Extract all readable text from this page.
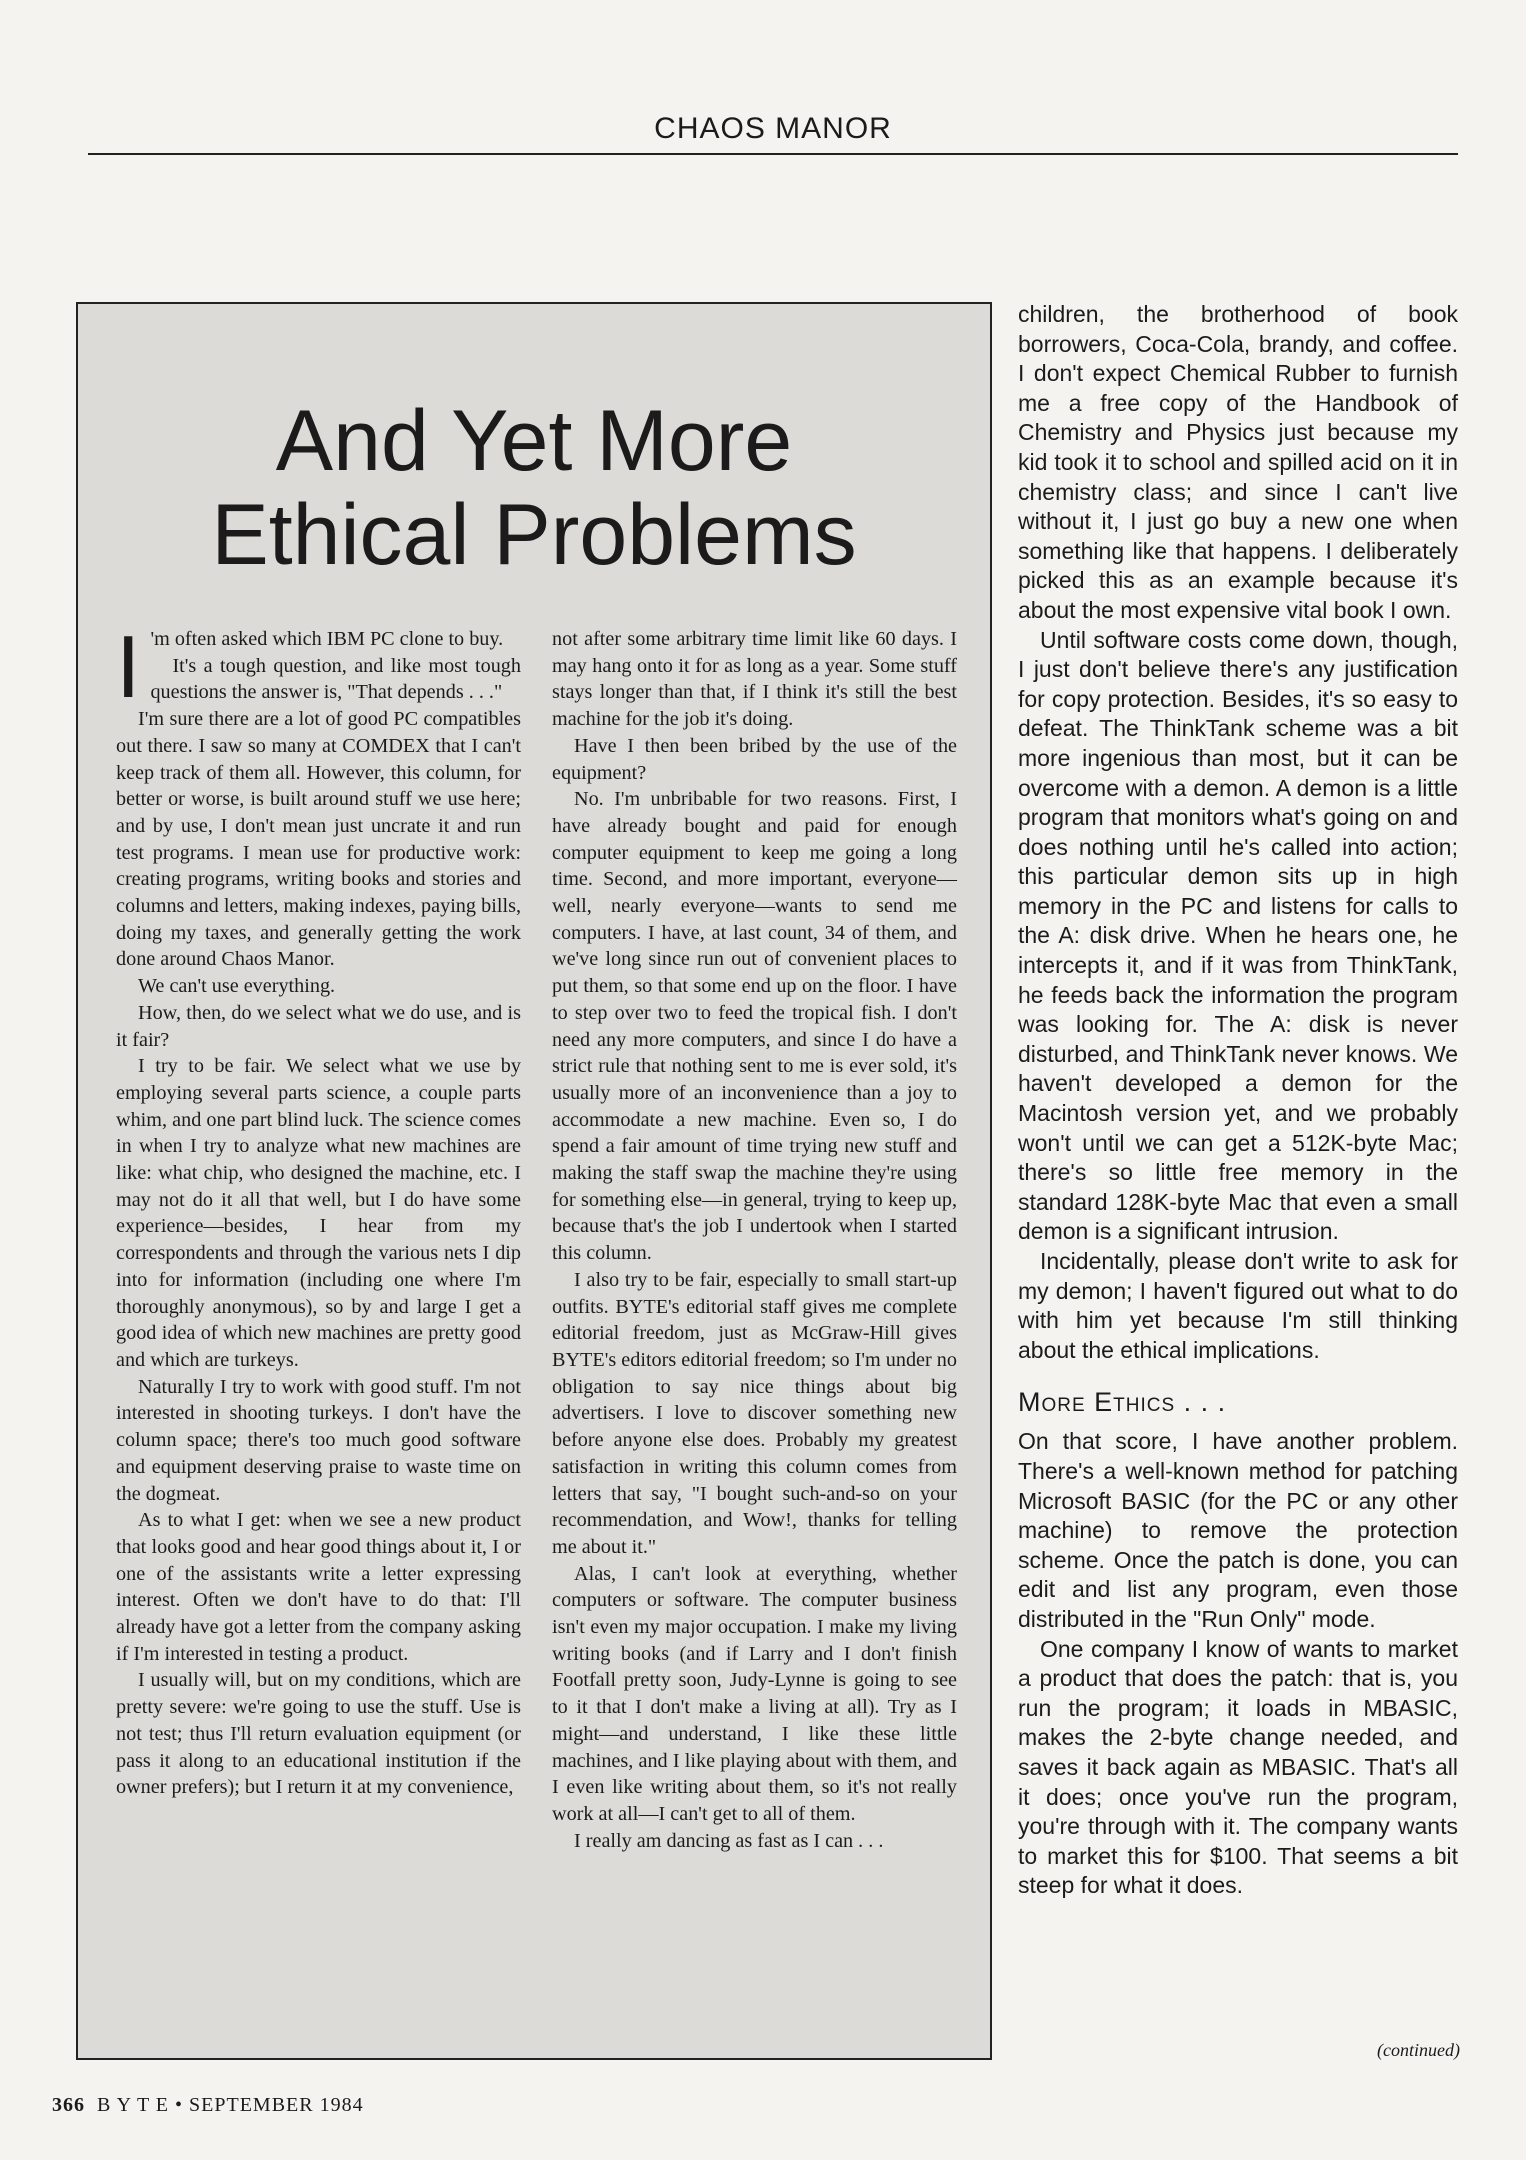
CHAOS MANOR
And Yet More
Ethical Problems

I 'm often asked which IBM PC clone to buy.

It's a tough question, and like most tough questions the answer is, "That depends . . ."

I'm sure there are a lot of good PC compatibles out there. I saw so many at COMDEX that I can't keep track of them all. However, this column, for better or worse, is built around stuff we use here; and by use, I don't mean just uncrate it and run test programs. I mean use for productive work: creating programs, writing books and stories and columns and letters, making indexes, paying bills, doing my taxes, and generally getting the work done around Chaos Manor.

We can't use everything.

How, then, do we select what we do use, and is it fair?

I try to be fair. We select what we use by employing several parts science, a couple parts whim, and one part blind luck. The science comes in when I try to analyze what new machines are like: what chip, who designed the machine, etc. I may not do it all that well, but I do have some experience—besides, I hear from my correspondents and through the various nets I dip into for information (including one where I'm thoroughly anonymous), so by and large I get a good idea of which new machines are pretty good and which are turkeys.

Naturally I try to work with good stuff. I'm not interested in shooting turkeys. I don't have the column space; there's too much good software and equipment deserving praise to waste time on the dogmeat.

As to what I get: when we see a new product that looks good and hear good things about it, I or one of the assistants write a letter expressing interest. Often we don't have to do that: I'll already have got a letter from the company asking if I'm interested in testing a product.

I usually will, but on my conditions, which are pretty severe: we're going to use the stuff. Use is not test; thus I'll return evaluation equipment (or pass it along to an educational institution if the owner prefers); but I return it at my convenience,

not after some arbitrary time limit like 60 days. I may hang onto it for as long as a year. Some stuff stays longer than that, if I think it's still the best machine for the job it's doing.

Have I then been bribed by the use of the equipment?

No. I'm unbribable for two reasons. First, I have already bought and paid for enough computer equipment to keep me going a long time. Second, and more important, everyone—well, nearly everyone—wants to send me computers. I have, at last count, 34 of them, and we've long since run out of convenient places to put them, so that some end up on the floor. I have to step over two to feed the tropical fish. I don't need any more computers, and since I do have a strict rule that nothing sent to me is ever sold, it's usually more of an inconvenience than a joy to accommodate a new machine. Even so, I do spend a fair amount of time trying new stuff and making the staff swap the machine they're using for something else—in general, trying to keep up, because that's the job I undertook when I started this column.

I also try to be fair, especially to small start-up outfits. BYTE's editorial staff gives me complete editorial freedom, just as McGraw-Hill gives BYTE's editors editorial freedom; so I'm under no obligation to say nice things about big advertisers. I love to discover something new before anyone else does. Probably my greatest satisfaction in writing this column comes from letters that say, "I bought such-and-so on your recommendation, and Wow!, thanks for telling me about it."

Alas, I can't look at everything, whether computers or software. The computer business isn't even my major occupation. I make my living writing books (and if Larry and I don't finish Footfall pretty soon, Judy-Lynne is going to see to it that I don't make a living at all). Try as I might—and understand, I like these little machines, and I like playing about with them, and I even like writing about them, so it's not really work at all—I can't get to all of them.

I really am dancing as fast as I can . . .

children, the brotherhood of book borrowers, Coca-Cola, brandy, and coffee. I don't expect Chemical Rubber to furnish me a free copy of the Handbook of Chemistry and Physics just because my kid took it to school and spilled acid on it in chemistry class; and since I can't live without it, I just go buy a new one when something like that happens. I deliberately picked this as an example because it's about the most expensive vital book I own.

Until software costs come down, though, I just don't believe there's any justification for copy protection. Besides, it's so easy to defeat. The ThinkTank scheme was a bit more ingenious than most, but it can be overcome with a demon. A demon is a little program that monitors what's going on and does nothing until he's called into action; this particular demon sits up in high memory in the PC and listens for calls to the A: disk drive. When he hears one, he intercepts it, and if it was from ThinkTank, he feeds back the information the program was looking for. The A: disk is never disturbed, and ThinkTank never knows. We haven't developed a demon for the Macintosh version yet, and we probably won't until we can get a 512K-byte Mac; there's so little free memory in the standard 128K-byte Mac that even a small demon is a significant intrusion.

Incidentally, please don't write to ask for my demon; I haven't figured out what to do with him yet because I'm still thinking about the ethical implications.

More Ethics . . .

On that score, I have another problem. There's a well-known method for patching Microsoft BASIC (for the PC or any other machine) to remove the protection scheme. Once the patch is done, you can edit and list any program, even those distributed in the "Run Only" mode.

One company I know of wants to market a product that does the patch: that is, you run the program; it loads in MBASIC, makes the 2-byte change needed, and saves it back again as MBASIC. That's all it does; once you've run the program, you're through with it. The company wants to market this for $100. That seems a bit steep for what it does.

(continued)
366 B Y T E • SEPTEMBER 1984
